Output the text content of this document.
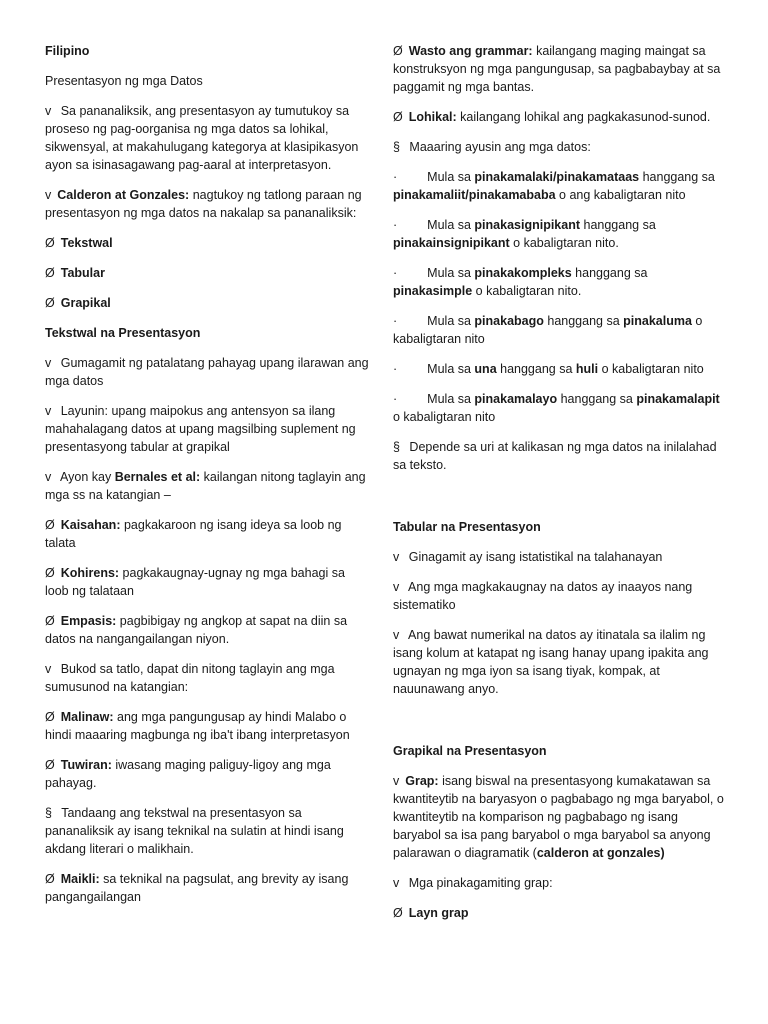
Filipino

Presentasyon ng mga Datos

v Sa pananaliksik, ang presentasyon ay tumutukoy sa proseso ng pag-oorganisa ng mga datos sa lohikal, sikwensyal, at makahulugang kategorya at klasipikasyon ayon sa isinasagawang pag-aaral at interpretasyon.

v Calderon at Gonzales: nagtukoy ng tatlong paraan ng presentasyon ng mga datos na nakalap sa pananaliksik:

Ø Tekstwal

Ø Tabular

Ø Grapikal

Tekstwal na Presentasyon

v Gumagamit ng patalatang pahayag upang ilarawan ang mga datos

v Layunin: upang maipokus ang antensyon sa ilang mahahalagang datos at upang magsilbing suplement ng presentasyong tabular at grapikal

v Ayon kay Bernales et al: kailangan nitong taglayin ang mga ss na katangian –

Ø Kaisahan: pagkakaroon ng isang ideya sa loob ng talata

Ø Kohirens: pagkakaugnay-ugnay ng mga bahagi sa loob ng talataan

Ø Empasis: pagbibigay ng angkop at sapat na diin sa datos na nangangailangan niyon.

v Bukod sa tatlo, dapat din nitong taglayin ang mga sumusunod na katangian:

Ø Malinaw: ang mga pangungusap ay hindi Malabo o hindi maaaring magbunga ng iba't ibang interpretasyon

Ø Tuwiran: iwasang maging paliguy-ligoy ang mga pahayag.

§ Tandaang ang tekstwal na presentasyon sa pananaliksik ay isang teknikal na sulatin at hindi isang akdang literari o malikhain.

Ø Maikli: sa teknikal na pagsulat, ang brevity ay isang pangangailangan

Ø Wasto ang grammar: kailangang maging maingat sa konstruksyon ng mga pangungusap, sa pagbabaybay at sa paggamit ng mga bantas.

Ø Lohikal: kailangang lohikal ang pagkakasunod-sunod.

§ Maaaring ayusin ang mga datos:

· Mula sa pinakamalaki/pinakamataas hanggang sa pinakamaliit/pinakamababa o ang kabaligtaran nito

· Mula sa pinakasignipikant hanggang sa pinakainsignipikant o kabaligtaran nito.

· Mula sa pinakakompleks hanggang sa pinakasimple o kabaligtaran nito.

· Mula sa pinakabago hanggang sa pinakaluma o kabaligtaran nito

· Mula sa una hanggang sa huli o kabaligtaran nito

· Mula sa pinakamalayo hanggang sa pinakamalapit o kabaligtaran nito

§ Depende sa uri at kalikasan ng mga datos na inilalahad sa teksto.

Tabular na Presentasyon

v Ginagamit ay isang istatistikal na talahanayan

v Ang mga magkakaugnay na datos ay inaayos nang sistematiko

v Ang bawat numerikal na datos ay itinatala sa ilalim ng isang kolum at katapat ng isang hanay upang ipakita ang ugnayan ng mga iyon sa isang tiyak, kompak, at nauunawang anyo.

Grapikal na Presentasyon

v Grap: isang biswal na presentasyong kumakatawan sa kwantiteytib na baryasyon o pagbabago ng mga baryabol, o kwantiteytib na komparison ng pagbabago ng isang baryabol sa isa pang baryabol o mga baryabol sa anyong palarawan o diagramatik (calderon at gonzales)

v Mga pinakagamiting grap:

Ø Layn grap
